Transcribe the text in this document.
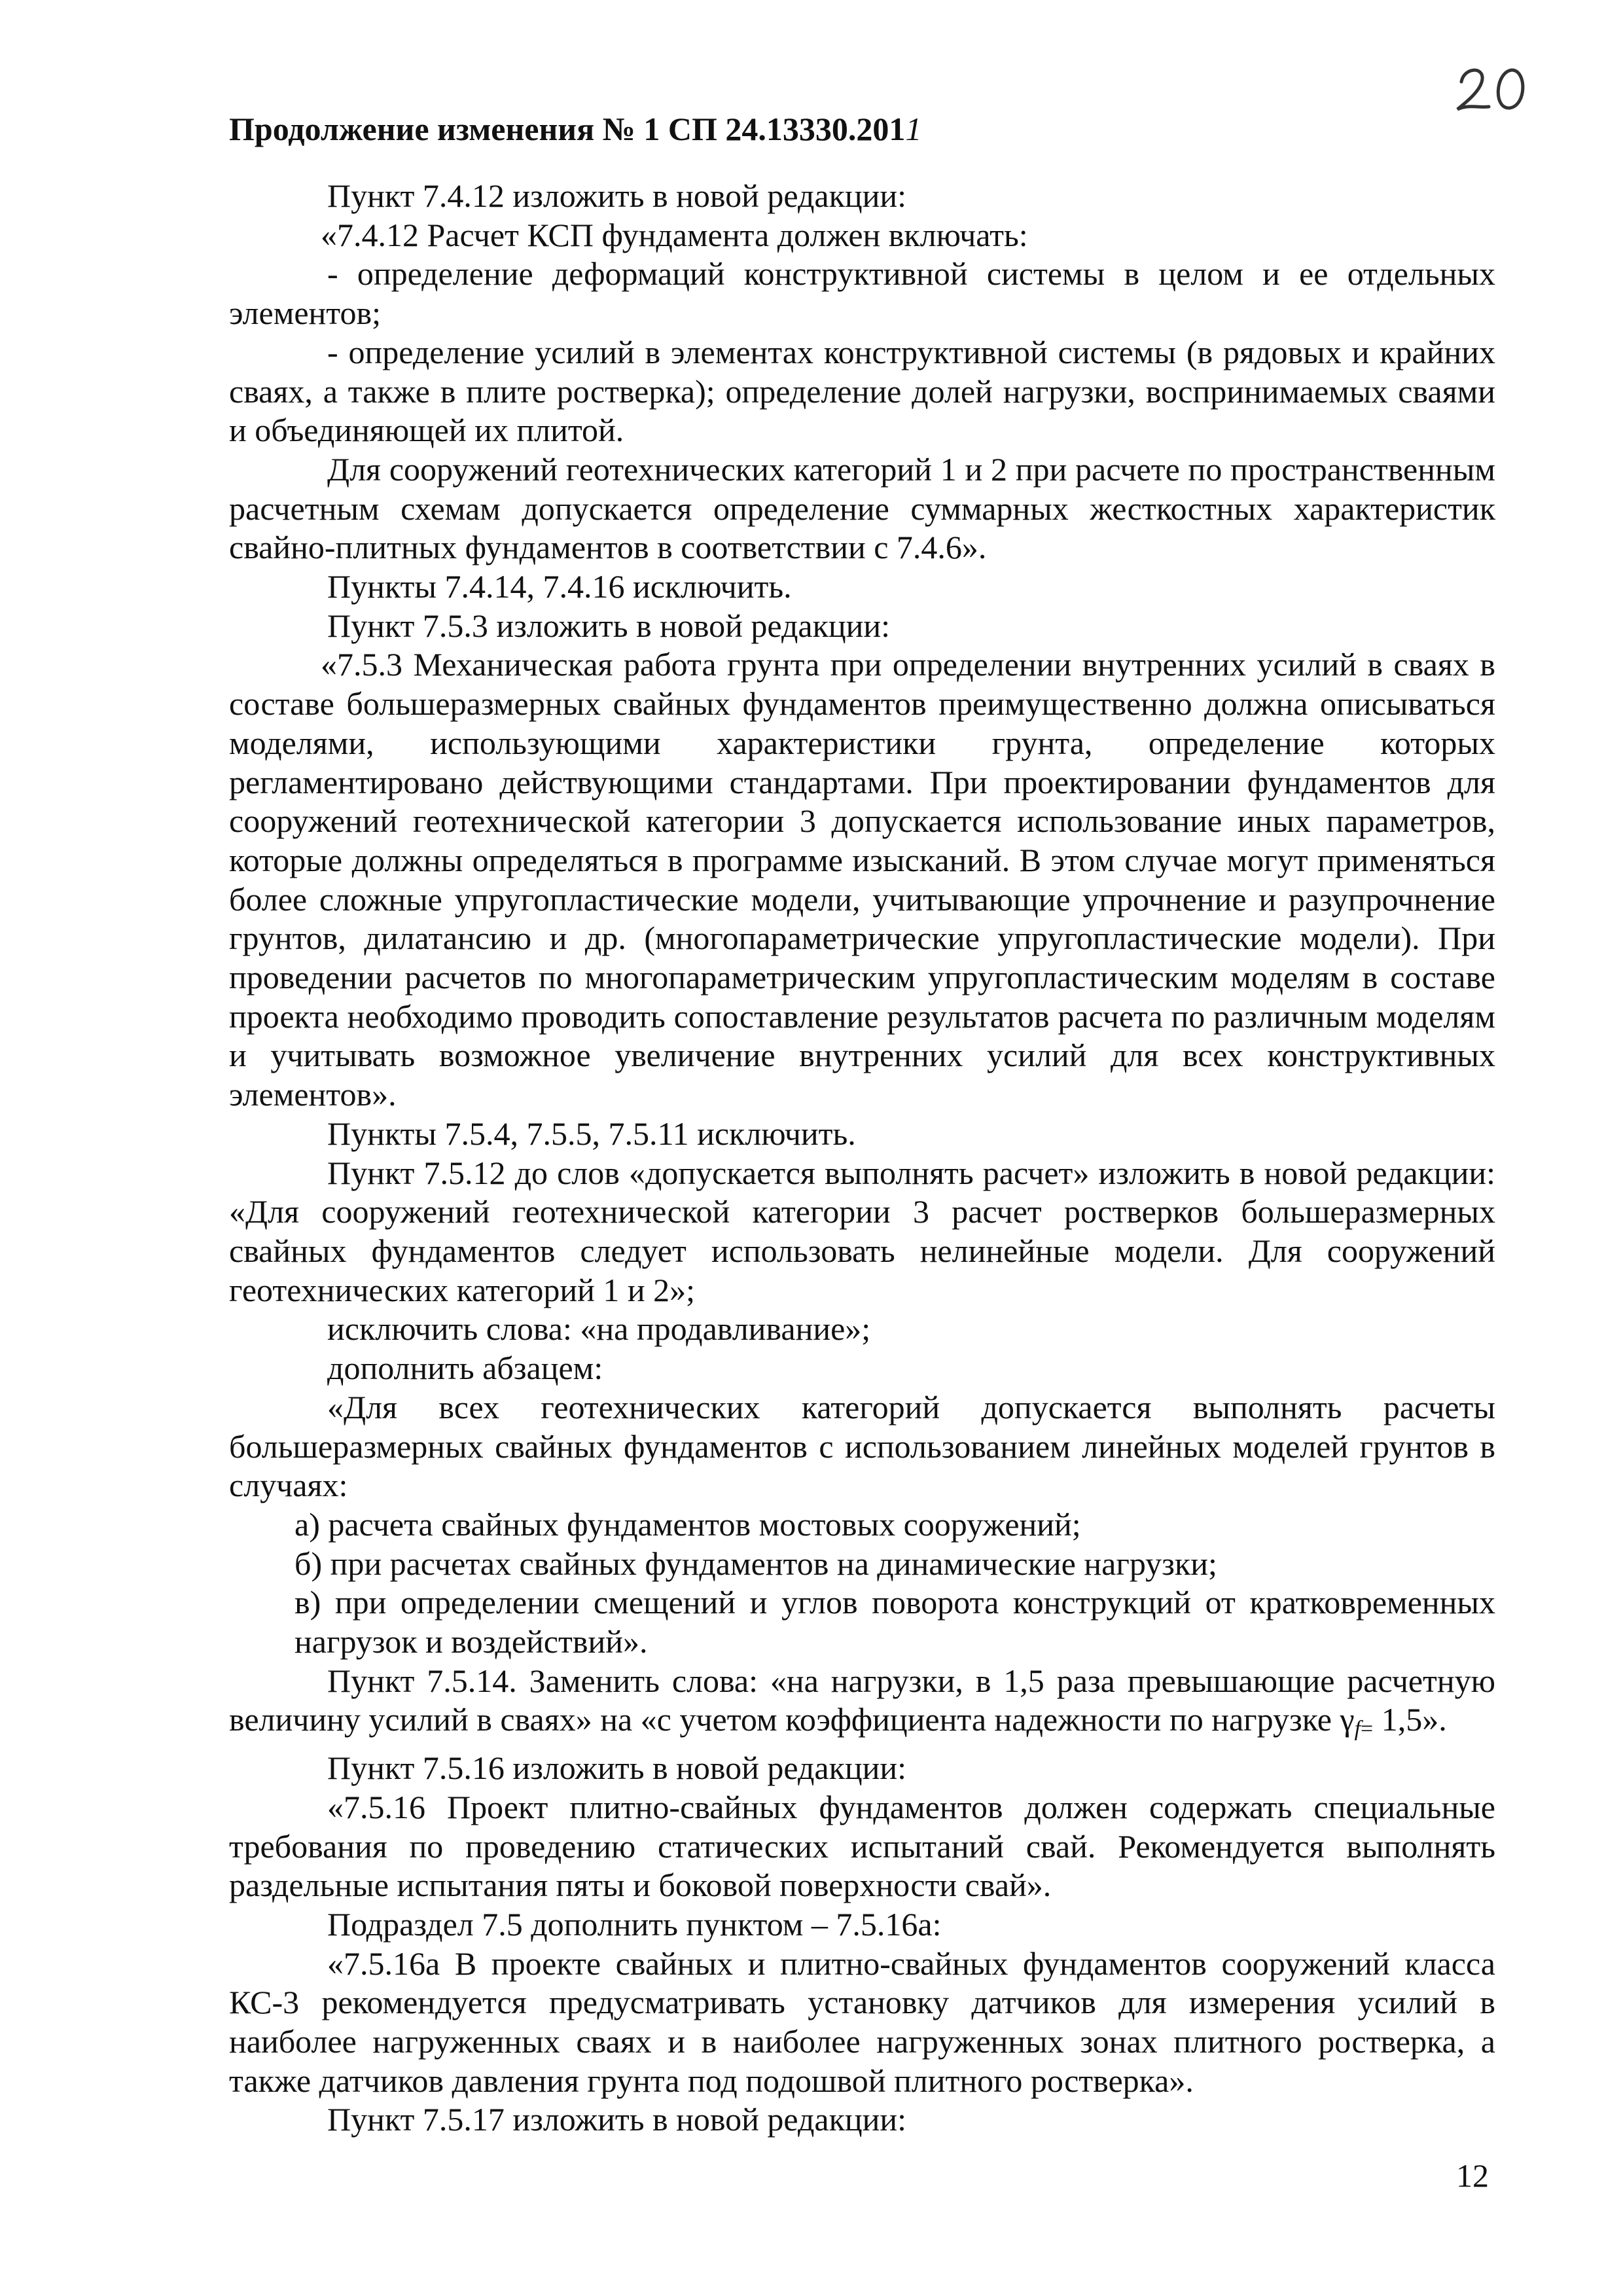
Продолжение изменения № 1 СП 24.13330.2011

Пункт 7.4.12 изложить в новой редакции:

«7.4.12 Расчет КСП фундамента должен включать:

- определение деформаций конструктивной системы в целом и ее отдельных элементов;

- определение усилий в элементах конструктивной системы (в рядовых и крайних сваях, а также в плите ростверка); определение долей нагрузки, воспринимаемых сваями и объединяющей их плитой.

Для сооружений геотехнических категорий 1 и 2 при расчете по пространственным расчетным схемам допускается определение суммарных жесткостных характеристик свайно-плитных фундаментов в соответствии с 7.4.6».

Пункты 7.4.14, 7.4.16 исключить.

Пункт 7.5.3 изложить в новой редакции:

«7.5.3 Механическая работа грунта при определении внутренних усилий в сваях в составе большеразмерных свайных фундаментов преимущественно должна описываться моделями, использующими характеристики грунта, определение которых регламентировано действующими стандартами. При проектировании фундаментов для сооружений геотехнической категории 3 допускается использование иных параметров, которые должны определяться в программе изысканий. В этом случае могут применяться более сложные упругопластические модели, учитывающие упрочнение и разупрочнение грунтов, дилатансию и др. (многопараметрические упругопластические модели). При проведении расчетов по многопараметрическим упругопластическим моделям в составе проекта необходимо проводить сопоставление результатов расчета по различным моделям и учитывать возможное увеличение внутренних усилий для всех конструктивных элементов».

Пункты 7.5.4, 7.5.5, 7.5.11 исключить.

Пункт 7.5.12 до слов «допускается выполнять расчет» изложить в новой редакции: «Для сооружений геотехнической категории 3 расчет ростверков большеразмерных свайных фундаментов следует использовать нелинейные модели. Для сооружений геотехнических категорий 1 и 2»;

исключить слова: «на продавливание»;

дополнить абзацем:

«Для всех геотехнических категорий допускается выполнять расчеты большеразмерных свайных фундаментов с использованием линейных моделей грунтов в случаях:

а) расчета свайных фундаментов мостовых сооружений;

б) при расчетах свайных фундаментов на динамические нагрузки;

в) при определении смещений и углов поворота конструкций от кратковременных нагрузок и воздействий».

Пункт 7.5.14. Заменить слова: «на нагрузки, в 1,5 раза превышающие расчетную величину усилий в сваях» на «с учетом коэффициента надежности по нагрузке $\gamma_{f=}$ 1,5».

Пункт 7.5.16 изложить в новой редакции:

«7.5.16 Проект плитно-свайных фундаментов должен содержать специальные требования по проведению статических испытаний свай. Рекомендуется выполнять раздельные испытания пяты и боковой поверхности свай».

Подраздел 7.5 дополнить пунктом – 7.5.16а:

«7.5.16а В проекте свайных и плитно-свайных фундаментов сооружений класса КС-3 рекомендуется предусматривать установку датчиков для измерения усилий в наиболее нагруженных сваях и в наиболее нагруженных зонах плитного ростверка, а также датчиков давления грунта под подошвой плитного ростверка».

Пункт 7.5.17 изложить в новой редакции:

12
